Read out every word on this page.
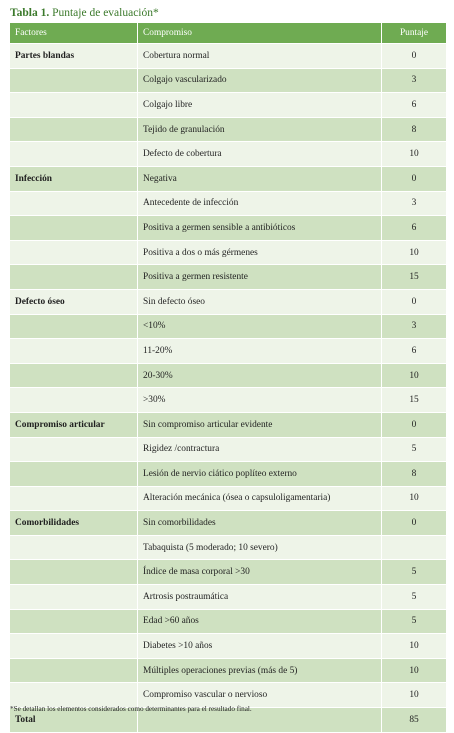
Tabla 1. Puntaje de evaluación*
Factores	Compromiso	Puntaje
Partes blandas	Cobertura normal	0
	Colgajo vascularizado	3
	Colgajo libre	6
	Tejido de granulación	8
	Defecto de cobertura	10
Infección	Negativa	0
	Antecedente de infección	3
	Positiva a germen sensible a antibióticos	6
	Positiva a dos o más gérmenes	10
	Positiva a germen resistente	15
Defecto óseo	Sin defecto óseo	0
	<10%	3
	11-20%	6
	20-30%	10
	>30%	15
Compromiso articular	Sin compromiso articular evidente	0
	Rigidez /contractura	5
	Lesión de nervio ciático poplíteo externo	8
	Alteración mecánica (ósea o capsuloligamentaria)	10
Comorbilidades	Sin comorbilidades	0
	Tabaquista (5 moderado; 10 severo)	
	Índice de masa corporal >30	5
	Artrosis postraumática	5
	Edad >60 años	5
	Diabetes >10 años	10
	Múltiples operaciones previas (más de 5)	10
	Compromiso vascular o nervioso	10
Total		85
*Se detallan los elementos considerados como determinantes para el resultado final.
